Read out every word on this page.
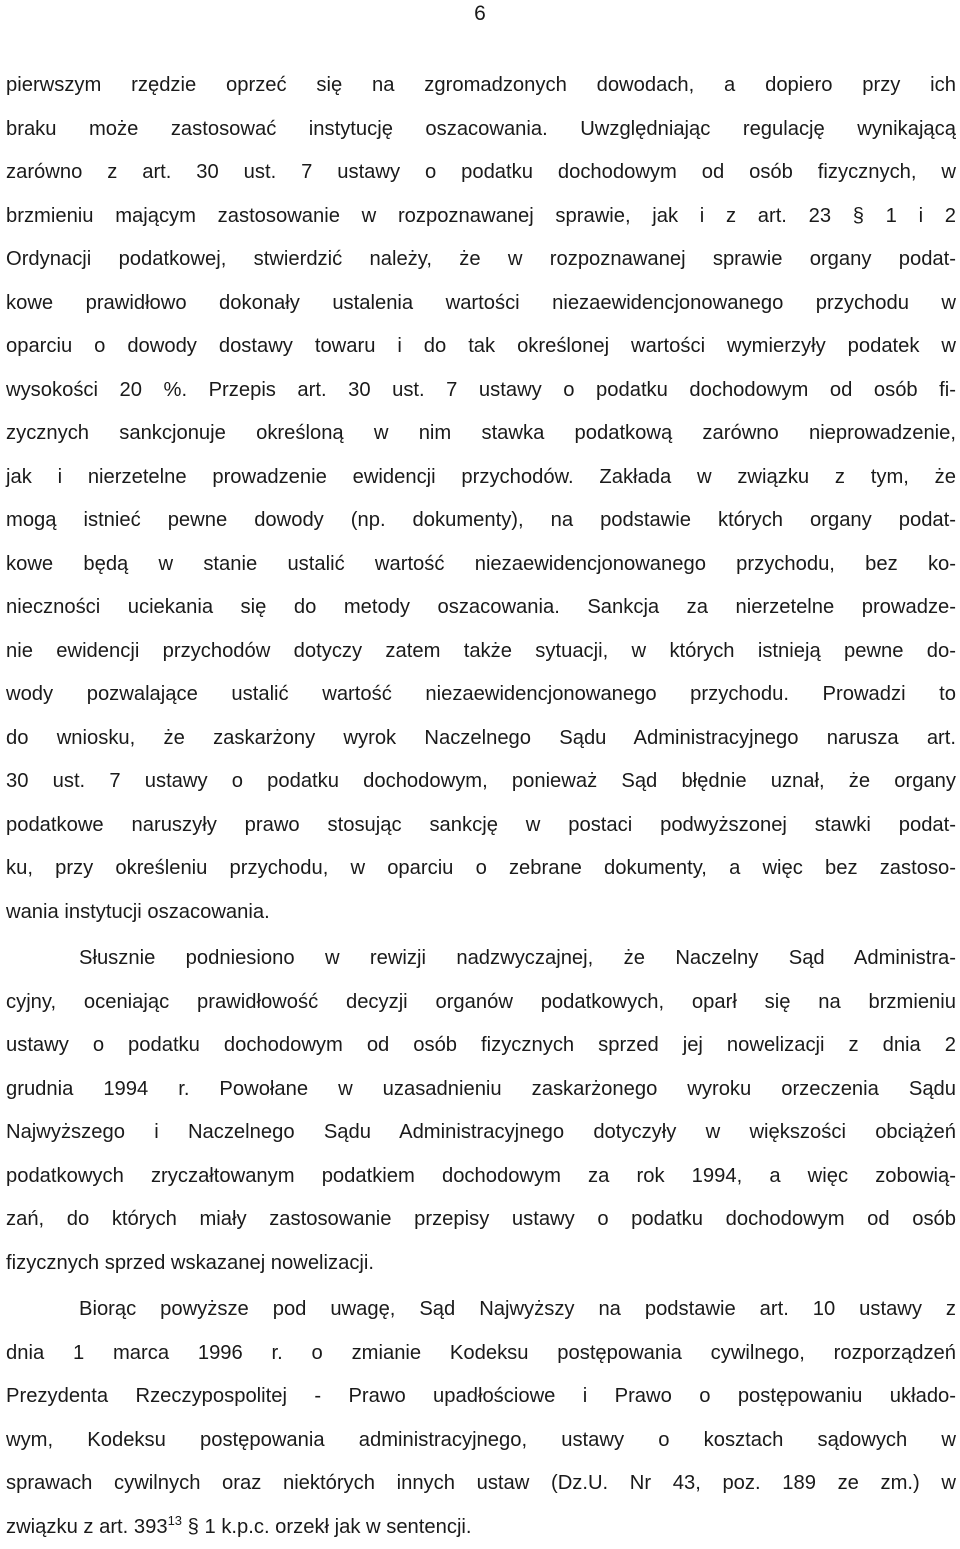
6
pierwszym rzędzie oprzeć się na zgromadzonych dowodach, a dopiero przy ich
braku może zastosować instytucję oszacowania. Uwzględniając regulację wynikającą
zarówno z art. 30 ust. 7 ustawy o podatku dochodowym od osób fizycznych, w
brzmieniu mającym zastosowanie w rozpoznawanej sprawie, jak i z art. 23 § 1 i 2
Ordynacji podatkowej, stwierdzić należy, że w rozpoznawanej sprawie organy podat-
kowe prawidłowo dokonały ustalenia wartości niezaewidencjonowanego przychodu w
oparciu o dowody dostawy towaru i do tak określonej wartości wymierzyły podatek w
wysokości 20 %. Przepis art. 30 ust. 7 ustawy o podatku dochodowym od osób fi-
zycznych sankcjonuje określoną w nim stawka podatkową zarówno nieprowadzenie,
jak i nierzetelne prowadzenie ewidencji przychodów. Zakłada w związku z tym, że
mogą istnieć pewne dowody (np. dokumenty), na podstawie których organy podat-
kowe będą w stanie ustalić wartość niezaewidencjonowanego przychodu, bez ko-
nieczności uciekania się do metody oszacowania. Sankcja za nierzetelne prowadze-
nie ewidencji przychodów dotyczy zatem także sytuacji, w których istnieją pewne do-
wody pozwalające ustalić wartość niezaewidencjonowanego przychodu. Prowadzi to
do wniosku, że zaskarżony wyrok Naczelnego Sądu Administracyjnego narusza art.
30 ust. 7 ustawy o podatku dochodowym, ponieważ Sąd błędnie uznał, że organy
podatkowe naruszyły prawo stosując sankcję w postaci podwyższonej stawki podat-
ku, przy określeniu przychodu, w oparciu o zebrane dokumenty, a więc bez zastoso-
wania instytucji oszacowania.
Słusznie podniesiono w rewizji nadzwyczajnej, że Naczelny Sąd Administra-
cyjny, oceniając prawidłowość decyzji organów podatkowych, oparł się na brzmieniu
ustawy o podatku dochodowym od osób fizycznych sprzed jej nowelizacji z dnia 2
grudnia 1994 r. Powołane w uzasadnieniu zaskarżonego wyroku orzeczenia Sądu
Najwyższego i Naczelnego Sądu Administracyjnego dotyczyły w większości obciążeń
podatkowych zryczałtowanym podatkiem dochodowym za rok 1994, a więc zobowią-
zań, do których miały zastosowanie przepisy ustawy o podatku dochodowym od osób
fizycznych sprzed wskazanej nowelizacji.
Biorąc powyższe pod uwagę, Sąd Najwyższy na podstawie art. 10 ustawy z
dnia 1 marca 1996 r. o zmianie Kodeksu postępowania cywilnego, rozporządzeń
Prezydenta Rzeczypospolitej - Prawo upadłościowe i Prawo o postępowaniu układo-
wym, Kodeksu postępowania administracyjnego, ustawy o kosztach sądowych w
sprawach cywilnych oraz niektórych innych ustaw (Dz.U. Nr 43, poz. 189 ze zm.) w
związku z art. $393^{13}$ § 1 k.p.c. orzekł jak w sentencji.
